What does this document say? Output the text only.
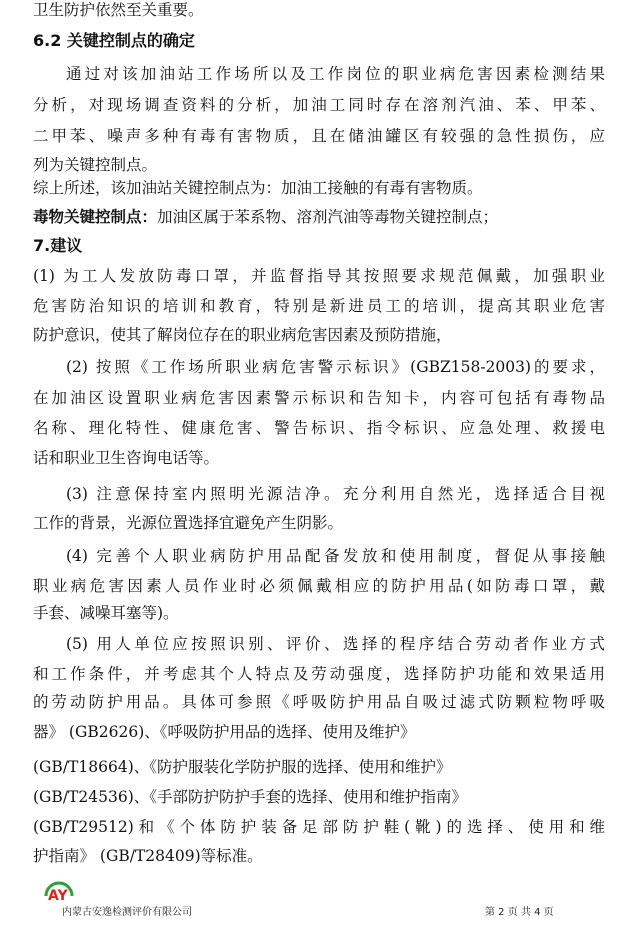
卫生防护依然至关重要。
6.2 关键控制点的确定
通过对该加油站工作场所以及工作岗位的职业病危害因素检测结果
分析，对现场调查资料的分析，加油工同时存在溶剂汽油、苯、甲苯、
二甲苯、噪声多种有毒有害物质，且在储油罐区有较强的急性损伤，应
列为关键控制点。
综上所述，该加油站关键控制点为：加油工接触的有毒有害物质。
毒物关键控制点：加油区属于苯系物、溶剂汽油等毒物关键控制点；
7.建议
(1) 为工人发放防毒口罩，并监督指导其按照要求规范佩戴，加强职业
危害防治知识的培训和教育，特别是新进员工的培训，提高其职业危害
防护意识，使其了解岗位存在的职业病危害因素及预防措施，
(2) 按照《工作场所职业病危害警示标识》(GBZ158-2003)的要求，
在加油区设置职业病危害因素警示标识和告知卡，内容可包括有毒物品
名称、理化特性、健康危害、警告标识、指令标识、应急处理、救援电
话和职业卫生咨询电话等。
(3) 注意保持室内照明光源洁净。充分利用自然光，选择适合目视
工作的背景，光源位置选择宜避免产生阴影。
(4) 完善个人职业病防护用品配备发放和使用制度，督促从事接触
职业病危害因素人员作业时必须佩戴相应的防护用品(如防毒口罩，戴
手套、减噪耳塞等)。
(5) 用人单位应按照识别、评价、选择的程序结合劳动者作业方式
和工作条件，并考虑其个人特点及劳动强度，选择防护功能和效果适用
的劳动防护用品。具体可参照《呼吸防护用品自吸过滤式防颗粒物呼吸
器》 (GB2626)、《呼吸防护用品的选择、使用及维护》
(GB/T18664)、《防护服装化学防护服的选择、使用和维护》
(GB/T24536)、《手部防护防护手套的选择、使用和维护指南》
(GB/T29512)和《个体防护装备足部防护鞋(靴)的选择、使用和维
护指南》 (GB/T28409)等标准。
AY
内蒙古安逸检测评价有限公司	第 2 页 共 4 页
